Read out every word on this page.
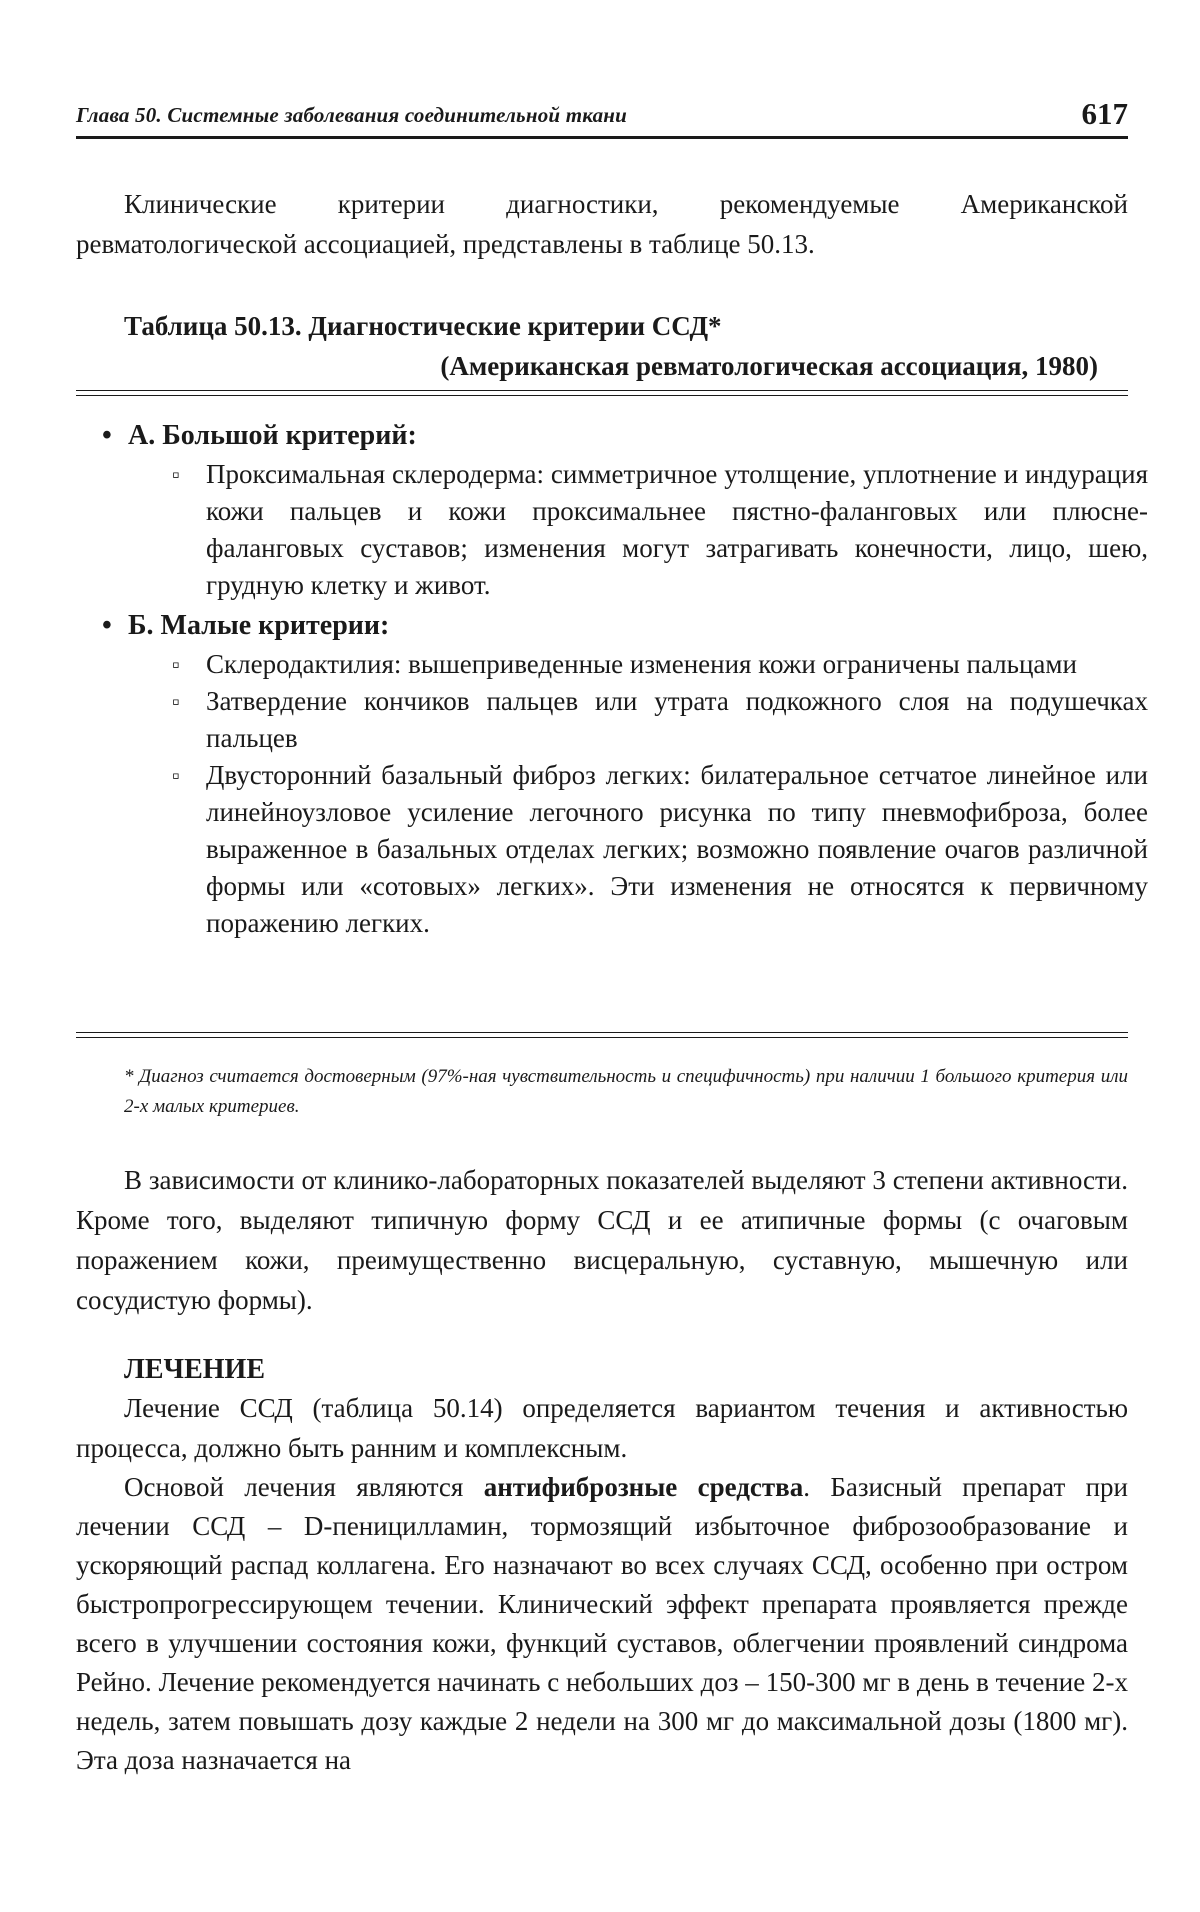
Глава 50. Системные заболевания соединительной ткани	617

Клинические критерии диагностики, рекомендуемые Американской ревматологической ассоциацией, представлены в таблице 50.13.

Таблица 50.13. Диагностические критерии ССД*
(Американская ревматологическая ассоциация, 1980)
• А. Большой критерий:
▫ Проксимальная склеродерма: симметричное утолщение, уплотнение и индурация кожи пальцев и кожи проксимальнее пястно-фаланговых или плюсне-фаланговых суставов; изменения могут затрагивать конечности, лицо, шею, грудную клетку и живот.
• Б. Малые критерии:
▫ Склеродактилия: вышеприведенные изменения кожи ограничены пальцами
▫ Затвердение кончиков пальцев или утрата подкожного слоя на подушечках пальцев
▫ Двусторонний базальный фиброз легких: билатеральное сетчатое линейное или линейноузловое усиление легочного рисунка по типу пневмофиброза, более выраженное в базальных отделах легких; возможно появление очагов различной формы или «сотовых» легких». Эти изменения не относятся к первичному поражению легких.

* Диагноз считается достоверным (97%-ная чувствительность и специфичность) при наличии 1 большого критерия или 2-х малых критериев.

В зависимости от клинико-лабораторных показателей выделяют 3 степени активности. Кроме того, выделяют типичную форму ССД и ее атипичные формы (с очаговым поражением кожи, преимущественно висцеральную, суставную, мышечную или сосудистую формы).

ЛЕЧЕНИЕ

Лечение ССД (таблица 50.14) определяется вариантом течения и активностью процесса, должно быть ранним и комплексным.

Основой лечения являются антифиброзные средства. Базисный препарат при лечении ССД – D-пеницилламин, тормозящий избыточное фиброзообразование и ускоряющий распад коллагена. Его назначают во всех случаях ССД, особенно при остром быстропрогрессирующем течении. Клинический эффект препарата проявляется прежде всего в улучшении состояния кожи, функций суставов, облегчении проявлений синдрома Рейно. Лечение рекомендуется начинать с небольших доз – 150-300 мг в день в течение 2-х недель, затем повышать дозу каждые 2 недели на 300 мг до максимальной дозы (1800 мг). Эта доза назначается на
